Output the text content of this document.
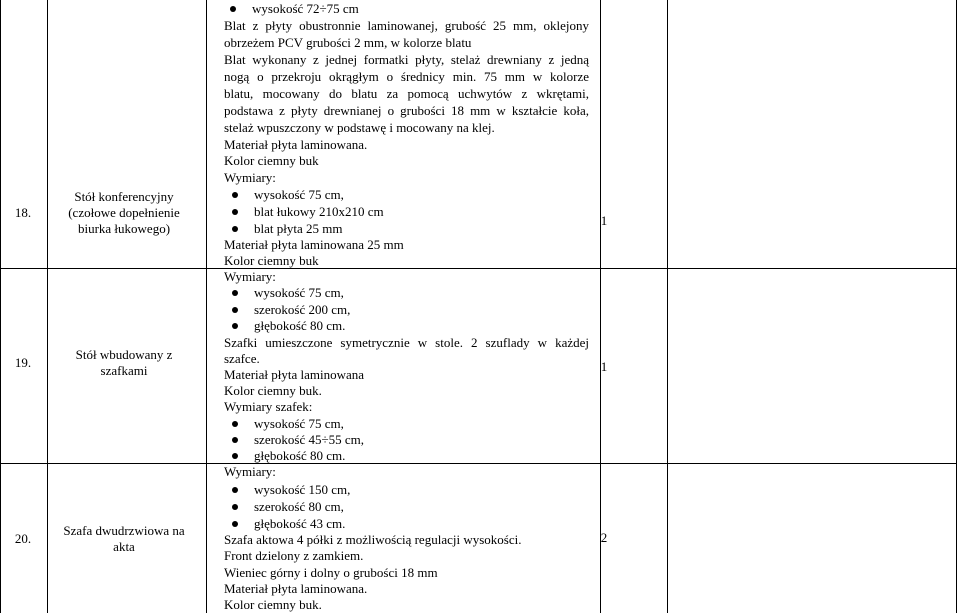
18.
Stół konferencyjny
(czołowe dopełnienie
biurka łukowego)
1
19.
Stół wbudowany z
szafkami	1
20.
Szafa dwudrzwiowa na
akta
2
wysokość 72÷75 cm
Blat z płyty obustronnie laminowanej, grubość 25 mm, oklejony
obrzeżem PCV grubości 2 mm, w kolorze blatu
Blat wykonany z jednej formatki płyty, stelaż drewniany z jedną
nogą o przekroju okrągłym o średnicy min. 75 mm w kolorze
blatu, mocowany do blatu za pomocą uchwytów z wkrętami,
podstawa z płyty drewnianej o grubości 18 mm w kształcie koła,
stelaż wpuszczony w podstawę i mocowany na klej.
Materiał płyta laminowana.
Kolor ciemny buk
Wymiary:
wysokość 75 cm,
blat łukowy 210x210 cm
blat płyta 25 mm
Materiał płyta laminowana 25 mm
Kolor ciemny buk
Wymiary:
wysokość 75 cm,
szerokość 200 cm,
głębokość 80 cm.
Szafki umieszczone symetrycznie w stole. 2 szuflady w każdej
szafce.
Materiał płyta laminowana
Kolor ciemny buk.
Wymiary szafek:
wysokość 75 cm,
szerokość 45÷55 cm,
głębokość 80 cm.
Wymiary:
wysokość 150 cm,
szerokość 80 cm,
głębokość 43 cm.
Szafa aktowa 4 półki z możliwością regulacji wysokości.
Front dzielony z zamkiem.
Wieniec górny i dolny o grubości 18 mm
Materiał płyta laminowana.
Kolor ciemny buk.
